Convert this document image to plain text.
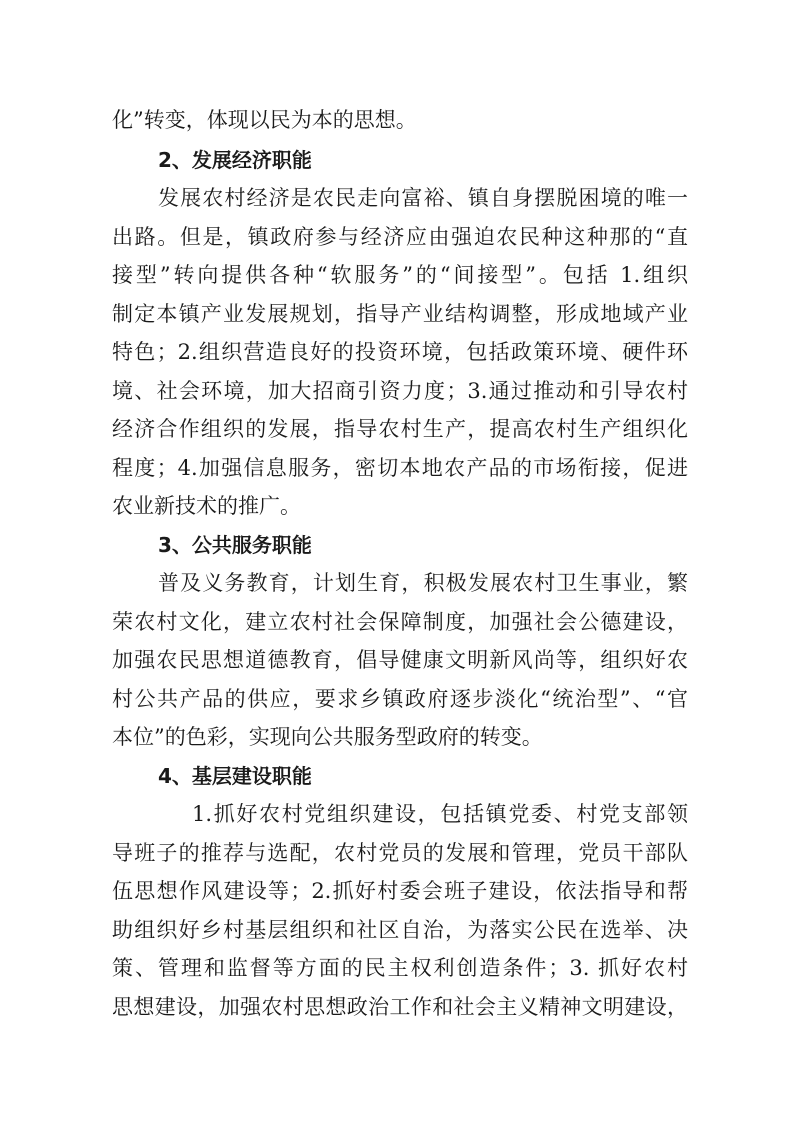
化”转变，体现以民为本的思想。
2、发展经济职能
发展农村经济是农民走向富裕、镇自身摆脱困境的唯一
出路。但是，镇政府参与经济应由强迫农民种这种那的“直
接型”转向提供各种“软服务”的“间接型”。包括 1.组织
制定本镇产业发展规划，指导产业结构调整，形成地域产业
特色；2.组织营造良好的投资环境，包括政策环境、硬件环
境、社会环境，加大招商引资力度；3.通过推动和引导农村
经济合作组织的发展，指导农村生产，提高农村生产组织化
程度；4.加强信息服务，密切本地农产品的市场衔接，促进
农业新技术的推广。
3、公共服务职能
普及义务教育，计划生育，积极发展农村卫生事业，繁
荣农村文化，建立农村社会保障制度，加强社会公德建设，
加强农民思想道德教育，倡导健康文明新风尚等，组织好农
村公共产品的供应，要求乡镇政府逐步淡化“统治型”、“官
本位”的色彩，实现向公共服务型政府的转变。
4、基层建设职能
1.抓好农村党组织建设，包括镇党委、村党支部领
导班子的推荐与选配，农村党员的发展和管理，党员干部队
伍思想作风建设等；2.抓好村委会班子建设，依法指导和帮
助组织好乡村基层组织和社区自治，为落实公民在选举、决
策、管理和监督等方面的民主权利创造条件；3. 抓好农村
思想建设，加强农村思想政治工作和社会主义精神文明建设，
